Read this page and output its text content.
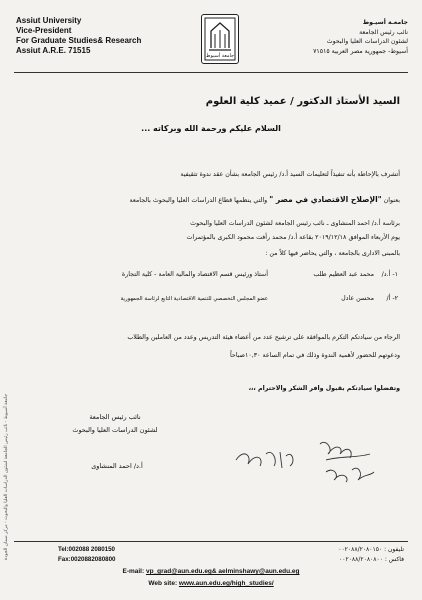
Assiut University
Vice-President
For Graduate Studies& Research
Assiut A.R.E. 71515
جامعة أسيوط
جامعـة أسيـوط
نائب رئيس الجامعة
لشئون الدراسات العليا والبحوث
أسيوط- جمهورية مصر العربية ٧١٥١٥
السيد الأستاذ الدكتور / عميد كلية العلوم
السلام عليكم ورحمة الله وبركاته ...
أتشرف بالإحاطة بأنه تنفيذاً لتعليمات السيد أ.د/ رئيس الجامعة بشأن عقد ندوة تثقيفية
بعنوان "الإصلاح الاقتصادي في مصر " والتي ينظمها قطاع الدراسات العليا والبحوث بالجامعة
برئاسة أ.د/ احمد المنشاوى ـ نائب رئيس الجامعة لشئون الدراسات العليا والبحوث
يوم الأربعاء الموافق ٢٠١٩/١٢/١٨ بقاعة أ.د/ محمد رأفت محمود الكبرى بالمؤتمرات
بالمبنى الادارى بالجامعة ، والتي يحاضر فيها كلاً من :
١- أ.د/ محمد عبد العظيم طلب أستاذ ورئيس قسم الاقتصاد والمالية العامة - كلية التجارة
٢- أ/ محسن عادل عضو المجلس التخصصي للتنمية الاقتصادية التابع لرئاسة الجمهورية
الرجاء من سيادتكم التكرم بالموافقة على ترشيح عدد من أعضاء هيئة التدريس وعدد من العاملين والطلاب
ودعوتهم للحضور لأهمية الندوة وذلك في تمام الساعة ١٠,٣٠صباحاً
وتفضلوا سيادتكم بقبول وافر الشكر والاحترام ،،،
نائب رئيس الجامعة
لشئون الدراسات العليا والبحوث
أ.د/ احمد المنشاوى
جامعة أسيوط - نائب رئيس الجامعة لشئون الدراسات العليا والبحوث - مركز ضمان الجودة	Tel:002088 2080150
Fax:0020882080800
تليفون : ٠٠٢٠٨٨/٢٠٨٠١٥٠
فاكس : ٠٠٢٠٨٨/٢٠٨٠٨٠٠
E-mail: vp_grad@aun.edu.eg& aelminshawy@aun.edu.eg
Web site: www.aun.edu.eg/high_studies/
